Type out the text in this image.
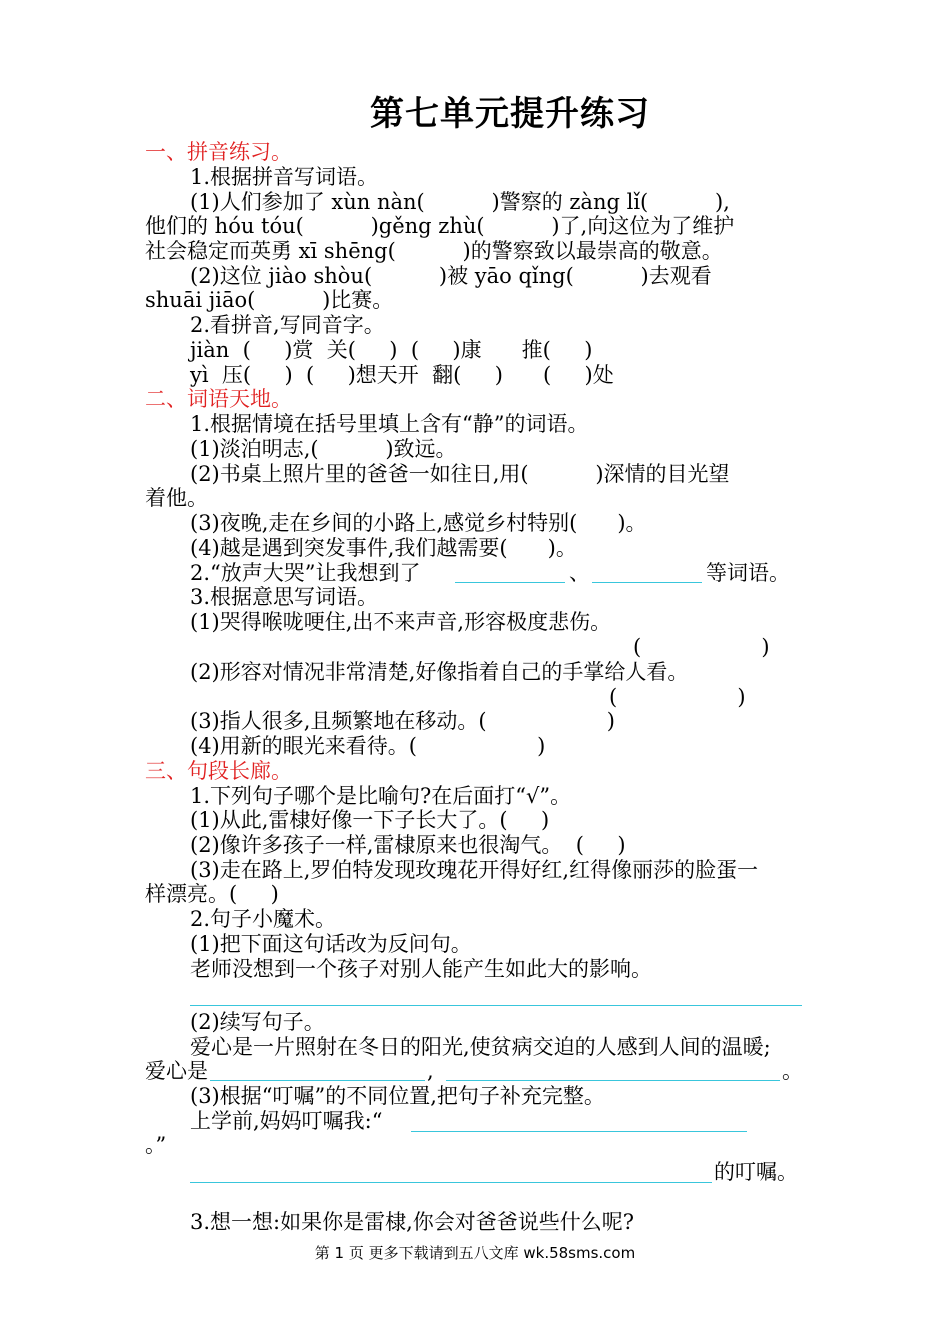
第七单元提升练习
一、拼音练习。
1.根据拼音写词语。
(1)人们参加了 xùn nàn(          )警察的 zàng lǐ(          ),
他们的 hóu tóu(          )gěng zhù(          )了,向这位为了维护
社会稳定而英勇 xī shēng(          )的警察致以最崇高的敬意。
(2)这位 jiào shòu(          )被 yāo qǐng(          )去观看
shuāi jiāo(          )比赛。
2.看拼音,写同音字。
jiàn  (     )赏  关(     )  (     )康      推(     )
yì  压(     )  (     )想天开  翻(     )      (     )处
二、词语天地。
1.根据情境在括号里填上含有“静”的词语。
(1)淡泊明志,(          )致远。
(2)书桌上照片里的爸爸一如往日,用(          )深情的目光望
着他。
(3)夜晚,走在乡间的小路上,感觉乡村特别(      )。
(4)越是遇到突发事件,我们越需要(      )。
2.“放声大哭”让我想到了	、	等词语。
3.根据意思写词语。
(1)哭得喉咙哽住,出不来声音,形容极度悲伤。
(                  )
(2)形容对情况非常清楚,好像指着自己的手掌给人看。
(                  )
(3)指人很多,且频繁地在移动。(                  )
(4)用新的眼光来看待。(                  )
三、句段长廊。
1.下列句子哪个是比喻句?在后面打“√”。
(1)从此,雷棣好像一下子长大了。(     )
(2)像许多孩子一样,雷棣原来也很淘气。  (     )
(3)走在路上,罗伯特发现玫瑰花开得好红,红得像丽莎的脸蛋一
样漂亮。(     )
2.句子小魔术。
(1)把下面这句话改为反问句。
老师没想到一个孩子对别人能产生如此大的影响。
(2)续写句子。
爱心是一片照射在冬日的阳光,使贫病交迫的人感到人间的温暖;
爱心是	,	。
(3)根据“叮嘱”的不同位置,把句子补充完整。
上学前,妈妈叮嘱我:“
。”
的叮嘱。
3.想一想:如果你是雷棣,你会对爸爸说些什么呢?
第 1 页 更多下载请到五八文库 wk.58sms.com
